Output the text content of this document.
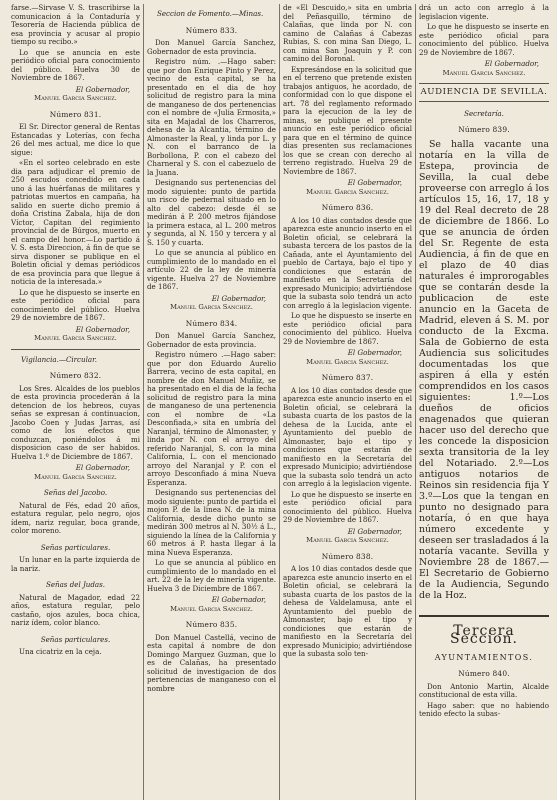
farse.—Sirvase V. S. trascribirse la comunicacion á la Contaduría y Tesorería de Hacienda pública de esa provincia y acusar al propio tiempo su recibo.»

Lo que se anuncia en este periódico oficial para conocimiento del público. Huelva 30 de Noviembre de 1867.

El Gobernador,
Manuel Garcia Sanchez.
Número 831.

El Sr. Director general de Rentas Estancadas y Loterías, con fecha 26 del mes actual, me dice lo que sigue:

«En el sorteo celebrado en este dia para adjudicar el premio de 250 escudos concedido en cada uno á las huérfanas de militares y patriotas muertos en campaña, ha salido en suerte dicho premio á doña Cristina Zabala, hija de don Víctor, Capitan del regimiento provincial de de Búrgos, muerto en el campo del honor.—Lo partido á V. S. esta Direccion, á fin de que se sirva disponer se publique en el Boletin oficial y demas periódicos de esa provincia para que llegue á noticia de la interesada.»

Lo que he dispuesto se inserte en este periódico oficial para conocimiento del público. Huelva 29 de noviembre de 1867.

El Gobernador,
Manuel Garcia Sanchez.
Vigilancia.—Circular.
Número 832.

Los Sres. Alcaldes de los pueblos de esta provincia procederán á la detencion de los hebreos, cuyas señas se expresan á continuacion, Jacobo Coen y Judas Jarras, así como de los efectos que conduzcan, poniéndolos á mi disposicion caso de ser habidos. Huelva 1.º de Diciembre de 1867.

El Gobernador,
Manuel Garcia Sanchez.
Señas del Jacobo.

Natural de Fés, edad 20 años, estatura regular, pelo negro, ojos ídem, nariz regular, boca grande, color moreno.

Señas particulares.

Un lunar en la parte izquierda de la nariz.

Señas del Judas.

Natural de Magador, edad 22 años, estatura regular, pelo castaño, ojos azules, boca chica, nariz ídem, color blanco.

Señas particulares.

Una cicatriz en la ceja.

Seccion de Fomento.—Minas.
Número 833.

Don Manuel García Sanchez, Gobernador de esta provincia.

Registro núm. .—Hago saber: que por don Enrique Pinto y Perez, vecino de esta capital, se ha presentado en el dia de hoy solicitud de registro para la mina de manganeso de dos pertenencias con el nombre de «Julia Ermosita,» sita en Majadal de los Charreros, dehesa de la Alcantia, término de Almonaster la Real, y linda por L. y N. con el barranco de la Borbollona, P. con el cabezo del Charneral y S. con el cabezuelo de la Juana.

Designando sus pertenencias del modo siguiente: punto de partida un risco de pedernal situado en lo alto del cabezo: desde él se medirán á P. 200 metros fijándose la primera estaca, al L. 200 metros y segunda, al N. 150 y tercera y al S. 150 y cuarta.

Lo que se anuncia al público en cumplimiento de lo mandado en el artículo 22 de la ley de minería vigente. Huelva 27 de Noviembre de 1867.

El Gobernador,
Manuel Garcia Sanchez.
Número 834.

Don Manuel García Sanchez, Gobernador de esta provincia.

Registro número .—Hago saber: que por don Eduardo Aurelio Barrera, vecino de esta capital, en nombre de don Manuel Muñiz, se ha presentado en el dia de la fecha solicitud de registro para la mina de manganeso de una pertenencia con el nombre de «La Desconfiada,» sita en umbría del Naranjal, término de Almonaster, y linda por N. con el arroyo del referido Naranjal, S. con la mina California, L. con el mencionado arroyo del Naranjal y P. con el arroyo Desconfiado á mina Nueva Esperanza.

Designando sus pertenencias del modo siguiente: punto de partida el mojon P. de la linea N. de la mina California, desde dicho punto se medirán 300 metros al N. 30½ á L., siguiendo la línea de la California y 60 metros á P. hasta llegar á la mina Nueva Esperanza.

Lo que se anuncia al público en cumplimiento de lo mandado en el art. 22 de la ley de minería vigente. Huelva 3 de Diciembre de 1867.

El Gobernador,
Manuel Garcia Sanchez.
Número 835.

Don Manuel Castellá, vecino de esta capital á nombre de don Domingo Marquez Guzman, que lo es de Calañas, ha presentado solicitud de investigacion de dos pertenencias de manganeso con el nombre

de «El Descuido,» sita en umbria del Peñasquillo, término de Calañas, que linda por N. con camino de Calañas á Cabezas Rubias, S. con mina San Diego, L. con mina San Joaquin y P. con camino del Boronal.

Expresándose en la solicitud que en el terreno que pretende existen trabajos antiguos, he acordado, de conformidad con lo que dispone el art. 78 del reglamento reformado para la ejecucion de la ley de minas, se publique el presente anuncio en este periódico oficial para que en el término de quince dias presenten sus reclamaciones los que se crean con derecho al terreno registrado. Huelva 29 de Noviembre de 1867.

El Gobernador,
Manuel Garcia Sanchez.
Número 836.

A los 10 dias contados desde que aparezca este anuncio inserto en el Boletin oficial, se celebrará la subasta tercera de los pastos de la Cañada, ante el Ayuntamiento del pueblo de Cartaya, bajo el tipo y condiciones que estarán de manifiesto en la Secretaría del expresado Municipio; advirtiéndose que la subasta solo tendrá un acto con arreglo á la legislacion vigente.

Lo que he dispuesto se inserte en este periódico oficial para conocimiento del público. Huelva 29 de Noviembre de 1867.

El Gobernador,
Manuel Garcia Sanchez.
Número 837.

A los 10 dias contados desde que aparezca este anuncio inserto en el Boletin oficial, se celebrará la subasta cuarta de los pastos de la dehesa de la Lucida, ante el Ayuntamiento del pueblo de Almonaster, bajo el tipo y condiciones que estarán de manifiesto en la Secretaría del expresado Municipio; advirtiéndose que la subasta solo tendrá un acto con arreglo á la legislacion vigente.

Lo que he dispuesto se inserte en este periódico oficial para conocimiento del público. Huelva 29 de Noviembre de 1867.

El Gobernador,
Manuel Garcia Sanchez.
Número 838.

A los 10 dias contados desde que aparezca este anuncio inserto en el Boletin oficial, se celebrará la subasta cuarta de los pastos de la dehesa de Valdelamusa, ante el Ayuntamiento del pueblo de Almonaster, bajo el tipo y condiciones que estarán de manifiesto en la Secretaría del expresado Municipio; advirtiéndose que la subasta solo ten-

drá un acto con arreglo á la legislacion vigente.

Lo que he dispuesto se inserte en este periódico oficial para conocimiento del público. Huelva 29 de Noviembre de 1867.

El Gobernador,
Manuel Garcia Sanchez.
AUDIENCIA DE SEVILLA.
Secretaría.
Número 839.

Se halla vacante una notaría en la villa de Estepa, provincia de Sevilla, la cual debe proveerse con arreglo á los artículos 15, 16, 17, 18 y 19 del Real decreto de 28 de diciembre de 1866. Lo que se anuncia de órden del Sr. Regente de esta Audiencia, á fin de que en el plazo de 40 dias naturales é improrogables que se contarán desde la publicacion de este anuncio en la Gaceta de Madrid, eleven á S. M. por conducto de la Excma. Sala de Gobierno de esta Audiencia sus solicitudes documentadas los que aspiren á ella y estén comprendidos en los casos siguientes: 1.º—Los dueños de oficios enagenados que quieran hacer uso del derecho que les concede la disposicion sexta transitoria de la ley del Notariado. 2.º—Los antiguos notarios de Reinos sin residencia fija Y 3.º—Los que la tengan en punto no designado para notaría, ó en que haya número excedente y deseen ser trasladados á la notaría vacante. Sevilla y Noviembre 28 de 1867.—El Secretario de Gobierno de la Audiencia, Segundo de la Hoz.

Tercera Seccion.
AYUNTAMIENTOS.
Número 840.

Don Antonio Martin, Alcalde constitucional de esta villa.

Hago saber: que no habiendo tenido efecto la subas-
